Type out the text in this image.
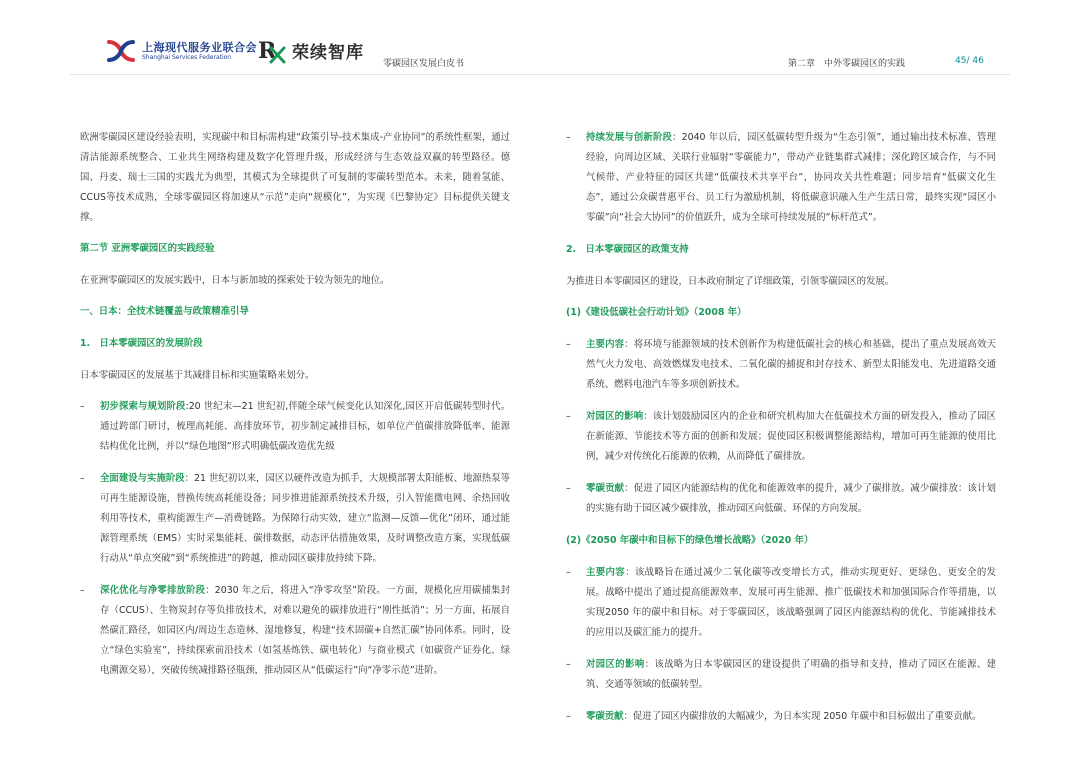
上海现代服务业联合会
Shanghai Services Federation	R 荣续智库
零碳园区发展白皮书	第二章　中外零碳园区的实践	45/ 46

欧洲零碳园区建设经验表明，实现碳中和目标需构建“政策引导-技术集成-产业协同”的系统性框架，通过清洁能源系统整合、工业共生网络构建及数字化管理升级，形成经济与生态效益双赢的转型路径。德国、丹麦、瑞士三国的实践尤为典型，其模式为全球提供了可复制的零碳转型范本。未来，随着氢能、CCUS等技术成熟，全球零碳园区将加速从“示范”走向“规模化”，为实现《巴黎协定》目标提供关键支撑。

第二节 亚洲零碳园区的实践经验

在亚洲零碳园区的发展实践中，日本与新加坡的探索处于较为领先的地位。

一、日本：全技术链覆盖与政策精准引导
1.　日本零碳园区的发展阶段

日本零碳园区的发展基于其减排目标和实施策略来划分。

– 初步探索与规划阶段:20 世纪末—21 世纪初,伴随全球气候变化认知深化,园区开启低碳转型时代。通过跨部门研讨，梳理高耗能、高排放环节，初步制定减排目标，如单位产值碳排放降低率、能源结构优化比例，并以“绿色地图”形式明确低碳改造优先级
– 全面建设与实施阶段：21 世纪初以来，园区以硬件改造为抓手，大规模部署太阳能板、地源热泵等可再生能源设施，替换传统高耗能设备；同步推进能源系统技术升级，引入智能微电网、余热回收利用等技术，重构能源生产—消费链路。为保障行动实效，建立“监测—反馈—优化”闭环，通过能源管理系统（EMS）实时采集能耗、碳排数据，动态评估措施效果，及时调整改造方案，实现低碳行动从“单点突破”到“系统推进”的跨越，推动园区碳排放持续下降。
– 深化优化与净零排放阶段：2030 年之后，将进入“净零攻坚”阶段。一方面，规模化应用碳捕集封存（CCUS）、生物炭封存等负排放技术，对难以避免的碳排放进行“刚性抵消”；另一方面，拓展自然碳汇路径，如园区内/周边生态造林、湿地修复，构建“技术固碳+自然汇碳”协同体系。同时，设立“绿色实验室”，持续探索前沿技术（如氢基炼铁、碳电转化）与商业模式（如碳资产证券化、绿电溯源交易），突破传统减排路径瓶颈，推动园区从“低碳运行”向“净零示范”进阶。
– 持续发展与创新阶段：2040 年以后，园区低碳转型升级为“生态引领”，通过输出技术标准、管理经验，向周边区域、关联行业辐射“零碳能力”，带动产业链集群式减排；深化跨区域合作，与不同气候带、产业特征的园区共建“低碳技术共享平台”，协同攻关共性难题；同步培育“低碳文化生态”，通过公众碳普惠平台、员工行为激励机制，将低碳意识融入生产生活日常，最终实现“园区小零碳”向“社会大协同”的价值跃升，成为全球可持续发展的“标杆范式”。
2.　日本零碳园区的政策支持

为推进日本零碳园区的建设，日本政府制定了详细政策，引领零碳园区的发展。

(1)《建设低碳社会行动计划》（2008 年）
– 主要内容：将环境与能源领域的技术创新作为构建低碳社会的核心和基础，提出了重点发展高效天然气火力发电、高效燃煤发电技术、二氧化碳的捕捉和封存技术、新型太阳能发电、先进道路交通系统、燃料电池汽车等多项创新技术。
– 对园区的影响：该计划鼓励园区内的企业和研究机构加大在低碳技术方面的研发投入，推动了园区在新能源、节能技术等方面的创新和发展；促使园区积极调整能源结构，增加可再生能源的使用比例，减少对传统化石能源的依赖，从而降低了碳排放。
– 零碳贡献：促进了园区内能源结构的优化和能源效率的提升，减少了碳排放。减少碳排放：该计划的实施有助于园区减少碳排放，推动园区向低碳、环保的方向发展。
(2)《2050 年碳中和目标下的绿色增长战略》（2020 年）
– 主要内容：该战略旨在通过减少二氧化碳等改变增长方式，推动实现更好、更绿色、更安全的发展。战略中提出了通过提高能源效率、发展可再生能源、推广低碳技术和加强国际合作等措施，以实现2050 年的碳中和目标。对于零碳园区，该战略强调了园区内能源结构的优化、节能减排技术的应用以及碳汇能力的提升。
– 对园区的影响：该战略为日本零碳园区的建设提供了明确的指导和支持，推动了园区在能源、建筑、交通等领域的低碳转型。
– 零碳贡献：促进了园区内碳排放的大幅减少，为日本实现 2050 年碳中和目标做出了重要贡献。
